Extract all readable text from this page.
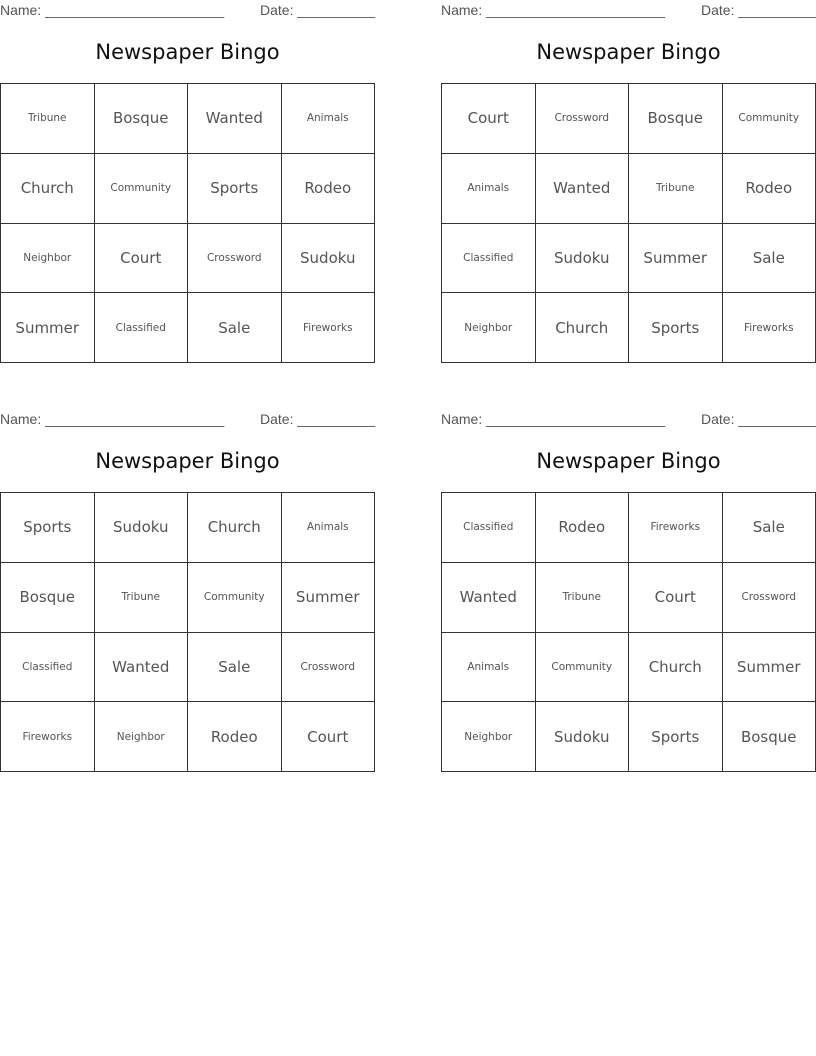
Name: _______________________	Date: __________
Newspaper Bingo
Tribune	Bosque	Wanted	Animals
Church	Community	Sports	Rodeo
Neighbor	Court	Crossword	Sudoku
Summer	Classified	Sale	Fireworks
Name: _______________________	Date: __________
Newspaper Bingo
Court	Crossword	Bosque	Community
Animals	Wanted	Tribune	Rodeo
Classified	Sudoku	Summer	Sale
Neighbor	Church	Sports	Fireworks
Name: _______________________	Date: __________
Newspaper Bingo
Sports	Sudoku	Church	Animals
Bosque	Tribune	Community	Summer
Classified	Wanted	Sale	Crossword
Fireworks	Neighbor	Rodeo	Court
Name: _______________________	Date: __________
Newspaper Bingo
Classified	Rodeo	Fireworks	Sale
Wanted	Tribune	Court	Crossword
Animals	Community	Church	Summer
Neighbor	Sudoku	Sports	Bosque
